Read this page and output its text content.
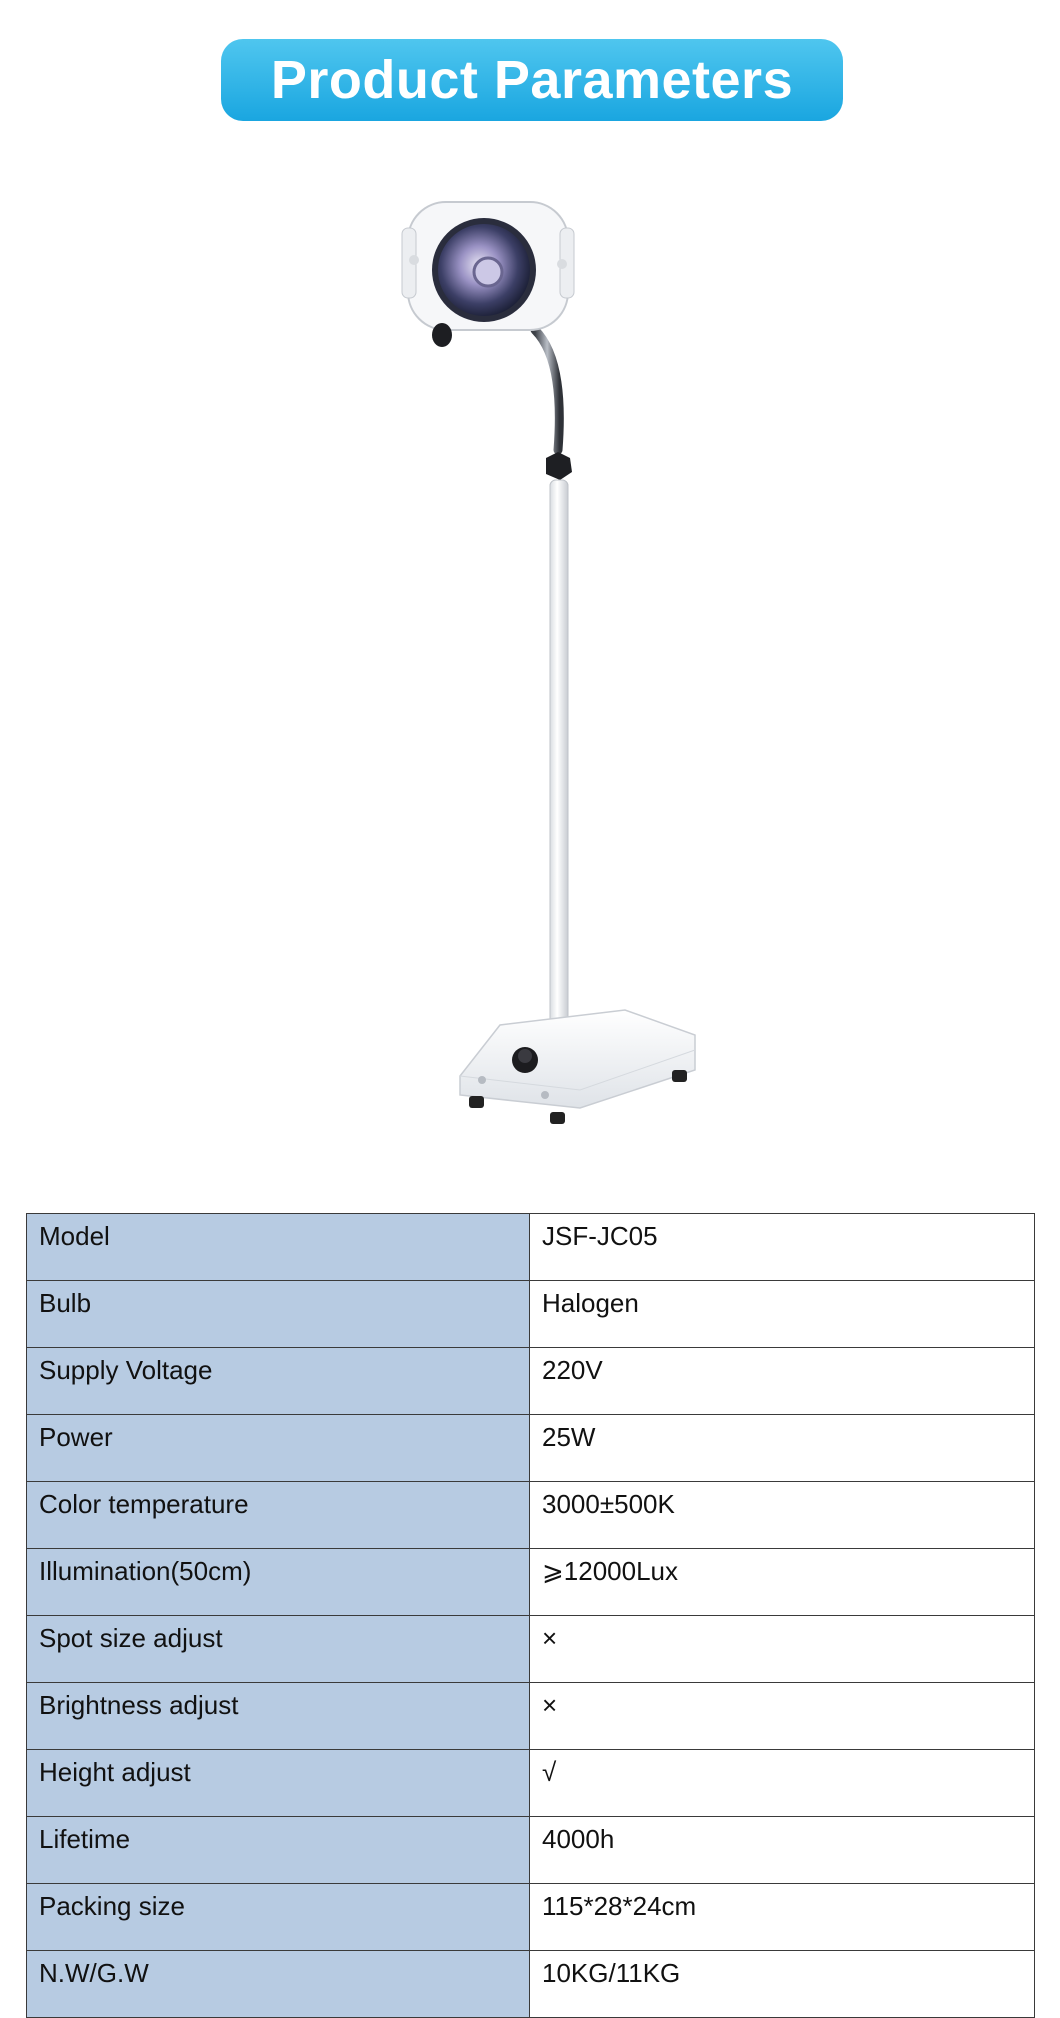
Product Parameters
Model	JSF-JC05
Bulb	Halogen
Supply Voltage	220V
Power	25W
Color temperature	3000±500K
Illumination(50cm)	⩾12000Lux
Spot size adjust	×
Brightness adjust	×
Height adjust	√
Lifetime	4000h
Packing size	115*28*24cm
N.W/G.W	10KG/11KG
